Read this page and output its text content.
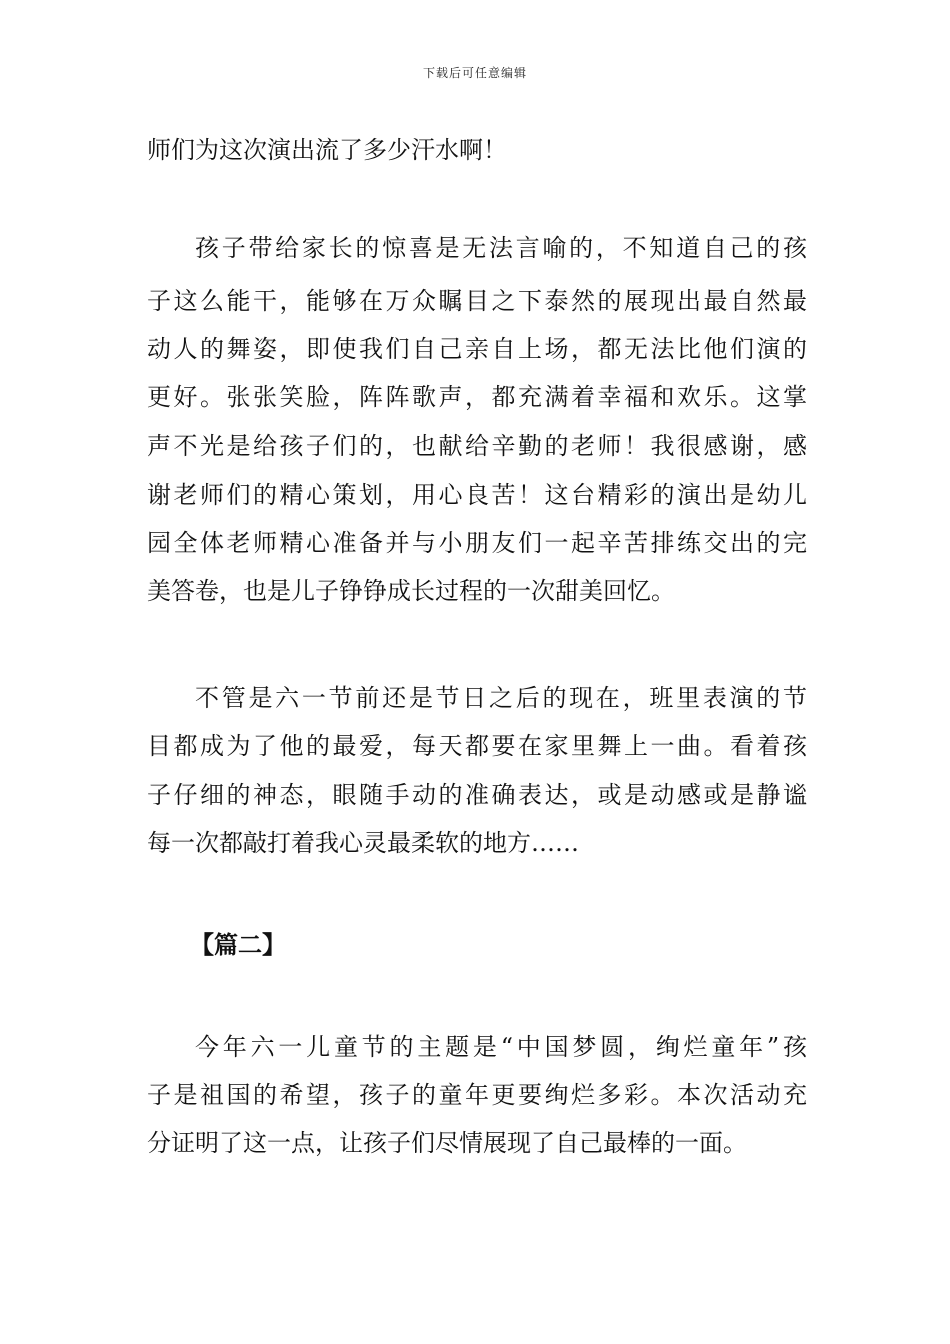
下载后可任意编辑
师们为这次演出流了多少汗水啊！
孩子带给家长的惊喜是无法言喻的，不知道自己的孩
子这么能干，能够在万众瞩目之下泰然的展现出最自然最
动人的舞姿，即使我们自己亲自上场，都无法比他们演的
更好。张张笑脸，阵阵歌声，都充满着幸福和欢乐。这掌
声不光是给孩子们的，也献给辛勤的老师！我很感谢，感
谢老师们的精心策划，用心良苦！这台精彩的演出是幼儿
园全体老师精心准备并与小朋友们一起辛苦排练交出的完
美答卷，也是儿子铮铮成长过程的一次甜美回忆。
不管是六一节前还是节日之后的现在，班里表演的节
目都成为了他的最爱，每天都要在家里舞上一曲。看着孩
子仔细的神态，眼随手动的准确表达，或是动感或是静谧
每一次都敲打着我心灵最柔软的地方……
【篇二】
今年六一儿童节的主题是“中国梦圆，绚烂童年”孩
子是祖国的希望，孩子的童年更要绚烂多彩。本次活动充
分证明了这一点，让孩子们尽情展现了自己最棒的一面。
